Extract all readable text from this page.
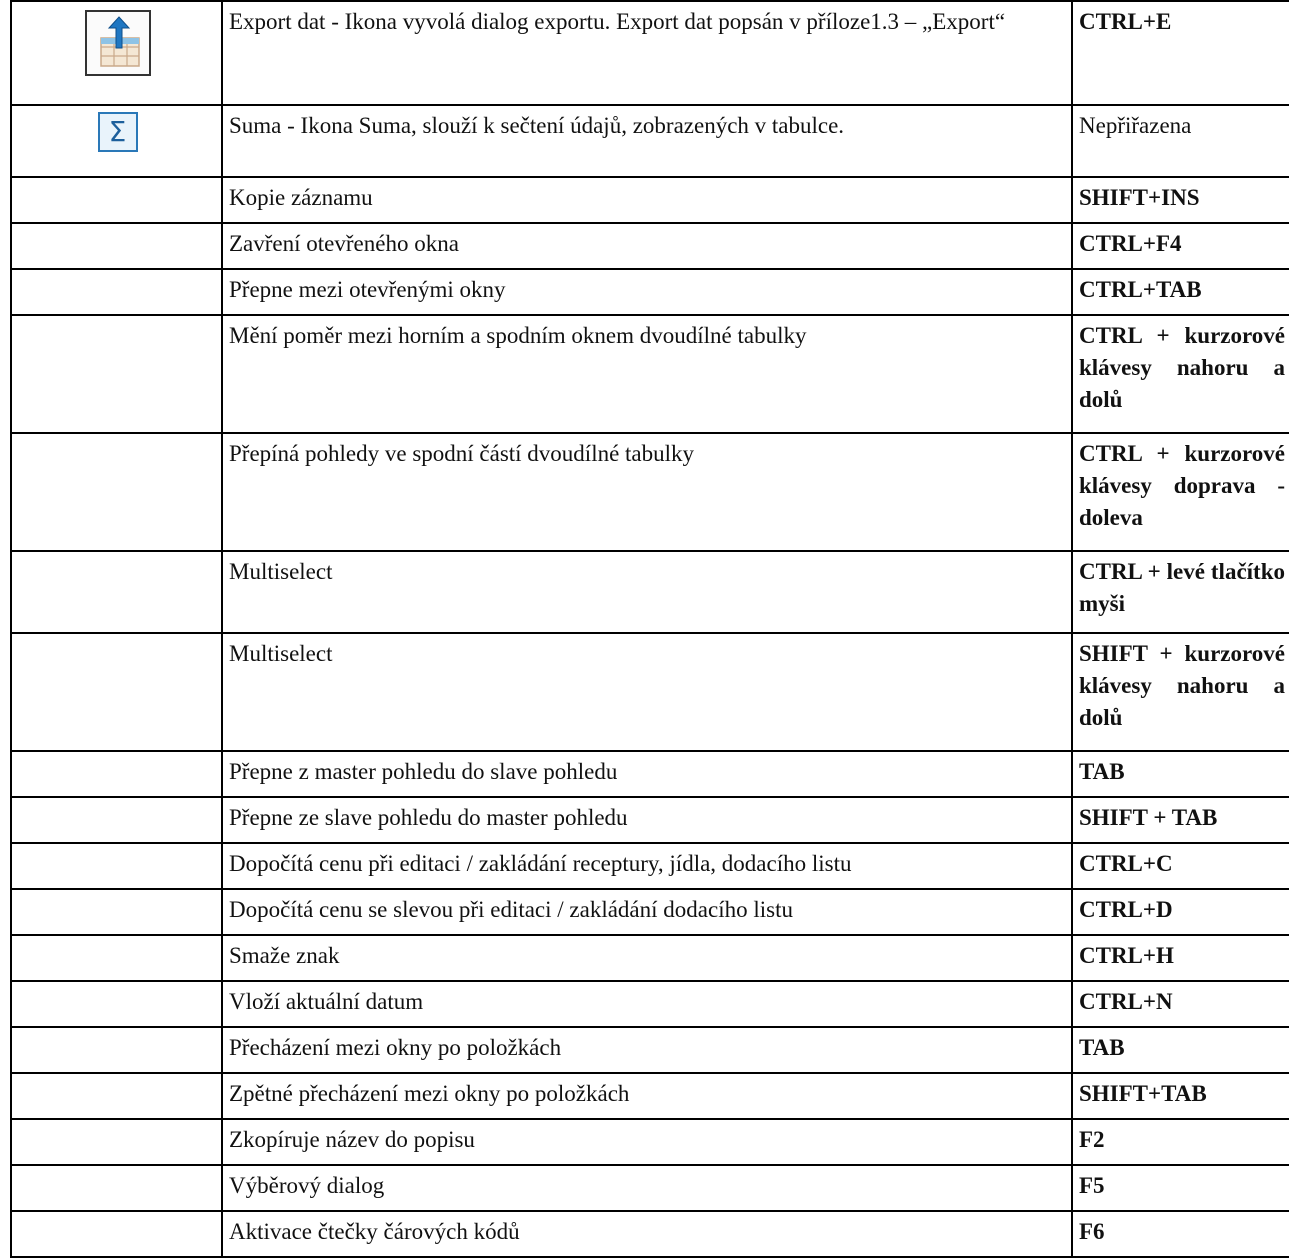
	Export dat - Ikona vyvolá dialog exportu. Export dat popsán v příloze1.3 – „Export“	CTRL+E
Σ	Suma - Ikona Suma, slouží k sečtení údajů, zobrazených v tabulce.	Nepřiřazena
	Kopie záznamu	SHIFT+INS
	Zavření otevřeného okna	CTRL+F4
	Přepne mezi otevřenými okny	CTRL+TAB
	Mění poměr mezi horním a spodním oknem dvoudílné tabulky	CTRL + kurzorové klávesy nahoru a dolů
	Přepíná pohledy ve spodní částí dvoudílné tabulky	CTRL + kurzorové klávesy doprava - doleva
	Multiselect	CTRL + levé tlačítko myši
	Multiselect	SHIFT + kurzorové klávesy nahoru a dolů
	Přepne z master pohledu do slave pohledu	TAB
	Přepne ze slave pohledu do master pohledu	SHIFT + TAB
	Dopočítá cenu při editaci / zakládání receptury, jídla, dodacího listu	CTRL+C
	Dopočítá cenu se slevou při editaci / zakládání dodacího listu	CTRL+D
	Smaže znak	CTRL+H
	Vloží aktuální datum	CTRL+N
	Přecházení mezi okny po položkách	TAB
	Zpětné přecházení mezi okny po položkách	SHIFT+TAB
	Zkopíruje název do popisu	F2
	Výběrový dialog	F5
	Aktivace čtečky čárových kódů	F6
